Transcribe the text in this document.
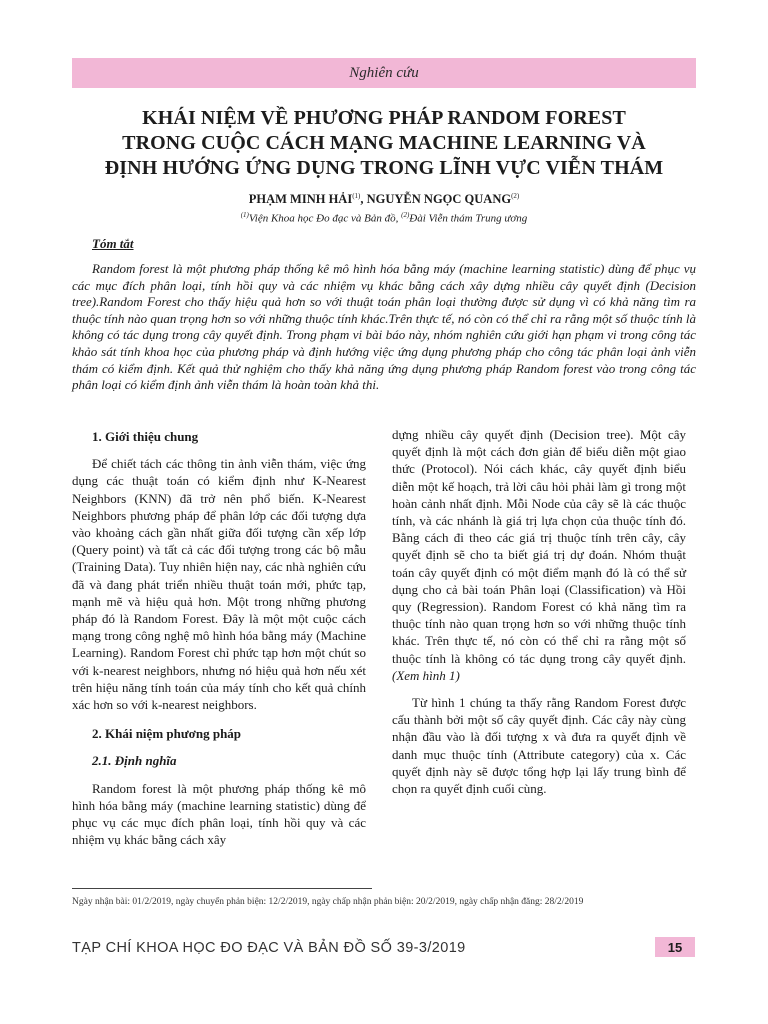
Nghiên cứu
KHÁI NIỆM VỀ PHƯƠNG PHÁP RANDOM FOREST
TRONG CUỘC CÁCH MẠNG MACHINE LEARNING VÀ
ĐỊNH HƯỚNG ỨNG DỤNG TRONG LĨNH VỰC VIỄN THÁM
PHẠM MINH HẢI$^{(1)}$, NGUYỄN NGỌC QUANG$^{(2)}$
$^{(1)}$Viện Khoa học Đo đạc và Bản đồ, $^{(2)}$Đài Viễn thám Trung ương
Tóm tắt
Random forest là một phương pháp thống kê mô hình hóa bằng máy (machine learning statistic) dùng để phục vụ các mục đích phân loại, tính hồi quy và các nhiệm vụ khác bằng cách xây dựng nhiều cây quyết định (Decision tree).Random Forest cho thấy hiệu quả hơn so với thuật toán phân loại thường được sử dụng vì có khả năng tìm ra thuộc tính nào quan trọng hơn so với những thuộc tính khác.Trên thực tế, nó còn có thể chỉ ra rằng một số thuộc tính là không có tác dụng trong cây quyết định. Trong phạm vi bài báo này, nhóm nghiên cứu giới hạn phạm vi trong công tác khảo sát tính khoa học của phương pháp và định hướng việc ứng dụng phương pháp cho công tác phân loại ảnh viễn thám có kiểm định. Kết quả thử nghiệm cho thấy khả năng ứng dụng phương pháp Random forest vào trong công tác phân loại có kiểm định ảnh viễn thám là hoàn toàn khả thi.
1. Giới thiệu chung

Để chiết tách các thông tin ảnh viễn thám, việc ứng dụng các thuật toán có kiểm định như K-Nearest Neighbors (KNN) đã trở nên phổ biến. K-Nearest Neighbors phương pháp để phân lớp các đối tượng dựa vào khoảng cách gần nhất giữa đối tượng cần xếp lớp (Query point) và tất cả các đối tượng trong các bộ mẫu (Training Data). Tuy nhiên hiện nay, các nhà nghiên cứu đã và đang phát triển nhiều thuật toán mới, phức tạp, mạnh mẽ và hiệu quả hơn. Một trong những phương pháp đó là Random Forest. Đây là một một cuộc cách mạng trong công nghệ mô hình hóa bằng máy (Machine Learning). Random Forest chỉ phức tạp hơn một chút so với k-nearest neighbors, nhưng nó hiệu quả hơn nếu xét trên hiệu năng tính toán của máy tính cho kết quả chính xác hơn so với k-nearest neighbors.

2. Khái niệm phương pháp
2.1. Định nghĩa

Random forest là một phương pháp thống kê mô hình hóa bằng máy (machine learning statistic) dùng để phục vụ các mục đích phân loại, tính hồi quy và các nhiệm vụ khác bằng cách xây

dựng nhiều cây quyết định (Decision tree). Một cây quyết định là một cách đơn giản để biểu diễn một giao thức (Protocol). Nói cách khác, cây quyết định biểu diễn một kế hoạch, trả lời câu hỏi phải làm gì trong một hoàn cảnh nhất định. Mỗi Node của cây sẽ là các thuộc tính, và các nhánh là giá trị lựa chọn của thuộc tính đó. Bằng cách đi theo các giá trị thuộc tính trên cây, cây quyết định sẽ cho ta biết giá trị dự đoán. Nhóm thuật toán cây quyết định có một điểm mạnh đó là có thể sử dụng cho cả bài toán Phân loại (Classification) và Hồi quy (Regression). Random Forest có khả năng tìm ra thuộc tính nào quan trọng hơn so với những thuộc tính khác. Trên thực tế, nó còn có thể chỉ ra rằng một số thuộc tính là không có tác dụng trong cây quyết định. (Xem hình 1)

Từ hình 1 chúng ta thấy rằng Random Forest được cấu thành bởi một số cây quyết định. Các cây này cùng nhận đầu vào là đối tượng x và đưa ra quyết định về danh mục thuộc tính (Attribute category) của x. Các quyết định này sẽ được tổng hợp lại lấy trung bình để chọn ra quyết định cuối cùng.

Ngày nhận bài: 01/2/2019, ngày chuyển phản biện: 12/2/2019, ngày chấp nhận phản biện: 20/2/2019, ngày chấp nhận đăng: 28/2/2019
TẠP CHÍ KHOA HỌC ĐO ĐẠC VÀ BẢN ĐỒ SỐ 39-3/2019	15
